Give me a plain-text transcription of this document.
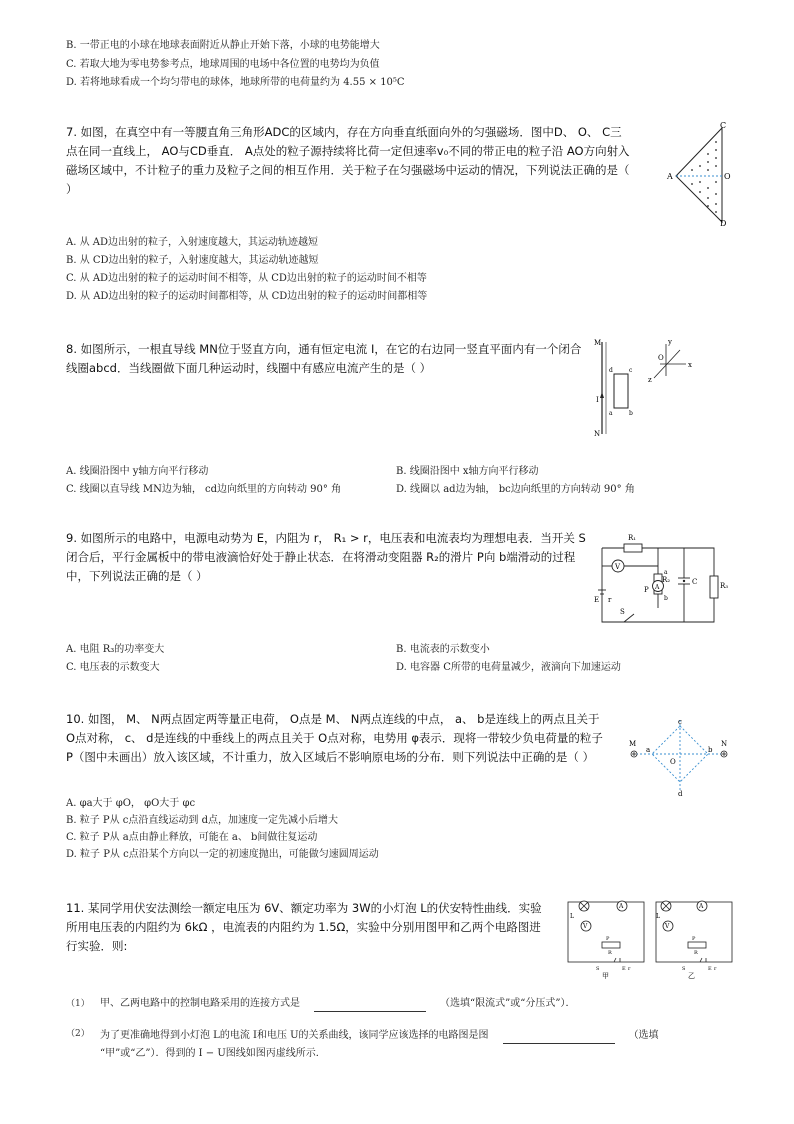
B. 一带正电的小球在地球表面附近从静止开始下落，小球的电势能增大
C. 若取大地为零电势参考点，地球周围的电场中各位置的电势均为负值
D. 若将地球看成一个均匀带电的球体，地球所带的电荷量约为 4.55 × 10⁵C
7. 如图，在真空中有一等腰直角三角形ADC的区域内，存在方向垂直纸面向外的匀强磁场．图中D、 O、 C三点在同一直线上， AO与CD垂直． A点处的粒子源持续将比荷一定但速率v₀不同的带正电的粒子沿 AO方向射入磁场区域中，不计粒子的重力及粒子之间的相互作用．关于粒子在匀强磁场中运动的情况，下列说法正确的是（ ）
C
A	O
D
A. 从 AD边出射的粒子，入射速度越大，其运动轨迹越短
B. 从 CD边出射的粒子，入射速度越大，其运动轨迹越短
C. 从 AD边出射的粒子的运动时间不相等，从 CD边出射的粒子的运动时间不相等
D. 从 AD边出射的粒子的运动时间都相等，从 CD边出射的粒子的运动时间都相等
8. 如图所示，一根直导线 MN位于竖直方向，通有恒定电流 I，在它的右边同一竖直平面内有一个闭合线圈abcd．当线圈做下面几种运动时，线圈中有感应电流产生的是（ ）
M
N
I
O
x
y
z
d	c
a	b
A. 线圈沿图中 y轴方向平行移动	B. 线圈沿图中 x轴方向平行移动
C. 线圈以直导线 MN边为轴， cd边向纸里的方向转动 90° 角	D. 线圈以 ad边为轴， bc边向纸里的方向转动 90° 角
9. 如图所示的电路中，电源电动势为 E，内阻为 r， R₁ > r，电压表和电流表均为理想电表．当开关 S闭合后，平行金属板中的带电液滴恰好处于静止状态．在将滑动变阻器 R₂的滑片 P向 b端滑动的过程中，下列说法正确的是（ ）
R₁
V
R₂
A
P
a
b
C	R₃
E r
S
A. 电阻 R₃的功率变大	B. 电流表的示数变小
C. 电压表的示数变大	D. 电容器 C所带的电荷量减少，液滴向下加速运动
10. 如图， M、 N两点固定两等量正电荷， O点是 M、 N两点连线的中点， a、 b是连线上的两点且关于 O点对称， c、 d是连线的中垂线上的两点且关于 O点对称，电势用 φ表示．现将一带较少负电荷量的粒子 P（图中未画出）放入该区域，不计重力，放入区域后不影响原电场的分布．则下列说法中正确的是（ ）
M	N
a	b
c
d
O
A. φa大于 φO， φO大于 φc
B. 粒子 P从 c点沿直线运动到 d点，加速度一定先减小后增大
C. 粒子 P从 a点由静止释放，可能在 a、 b间做往复运动
D. 粒子 P从 c点沿某个方向以一定的初速度抛出，可能做匀速圆周运动
11. 某同学用伏安法测绘一额定电压为 6V、额定功率为 3W的小灯泡 L的伏安特性曲线．实验所用电压表的内阻约为 6kΩ ，电流表的内阻约为 1.5Ω，实验中分别用图甲和乙两个电路图进行实验．则:
L
A
V
P
R
S	E r
甲
L
A
V
P
R
S	E r
乙
（1） 甲、乙两电路中的控制电路采用的连接方式是	（选填“限流式”或“分压式”）．
（2） 为了更准确地得到小灯泡 L的电流 I和电压 U的关系曲线，该同学应该选择的电路图是图	（选填
“甲”或“乙”）．得到的 I − U图线如图丙虚线所示．
